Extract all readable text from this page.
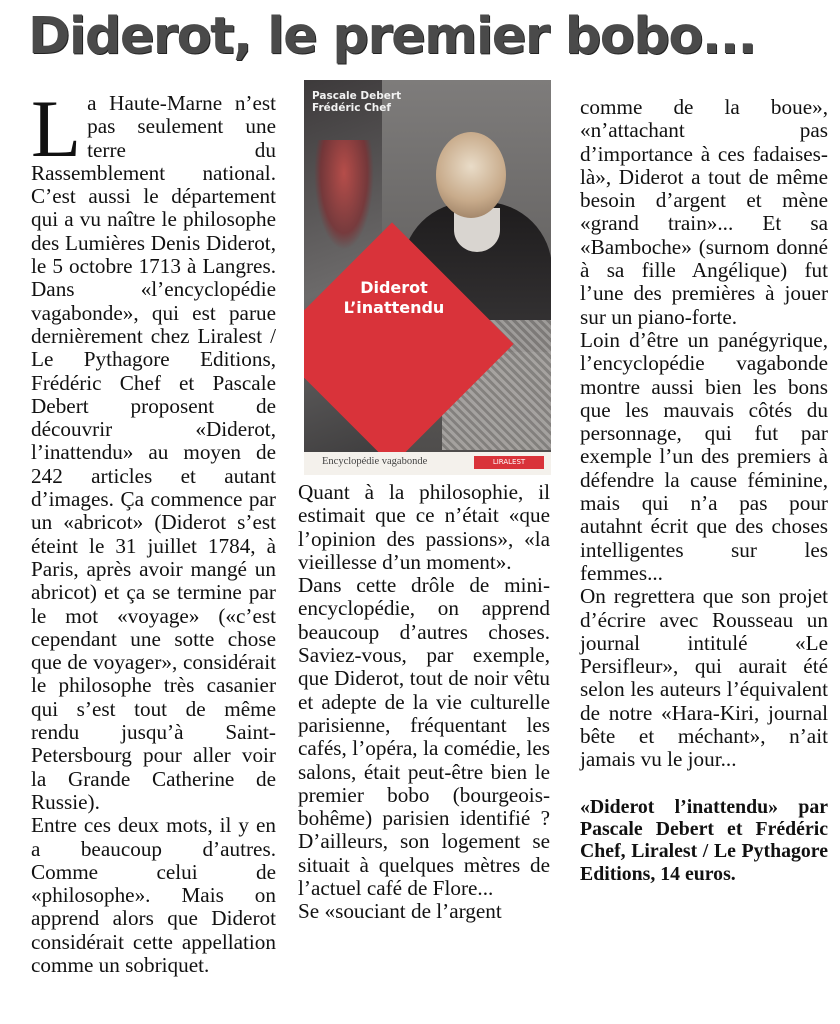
Diderot, le premier bobo...

La Haute-Marne n’est pas seulement une terre du Rassemblement national. C’est aussi le département qui a vu naître le philosophe des Lumières Denis Diderot, le 5 octobre 1713 à Langres. Dans «l’encyclopédie vagabonde», qui est parue dernièrement chez Liralest / Le Pythagore Editions, Frédéric Chef et Pascale Debert proposent de découvrir «Diderot, l’inattendu» au moyen de 242 articles et autant d’images. Ça commence par un «abricot» (Diderot s’est éteint le 31 juillet 1784, à Paris, après avoir mangé un abricot) et ça se termine par le mot «voyage» («c’est cependant une sotte chose que de voyager», considérait le philosophe très casanier qui s’est tout de même rendu jusqu’à Saint-Petersbourg pour aller voir la Grande Catherine de Russie).

Entre ces deux mots, il y en a beaucoup d’autres. Comme celui de «philosophe». Mais on apprend alors que Diderot considérait cette appellation comme un sobriquet.

Pascale Debert
Frédéric Chef
Diderot
L’inattendu
Encyclopédie vagabonde	LIRALEST

Quant à la philosophie, il estimait que ce n’était «que l’opinion des passions», «la vieillesse d’un moment».

Dans cette drôle de mini-encyclopédie, on apprend beaucoup d’autres choses. Saviez-vous, par exemple, que Diderot, tout de noir vêtu et adepte de la vie culturelle parisienne, fréquentant les cafés, l’opéra, la comédie, les salons, était peut-être bien le premier bobo (bourgeois-bohême) parisien identifié ? D’ailleurs, son logement se situait à quelques mètres de l’actuel café de Flore...

Se «souciant de l’argent

comme de la boue», «n’attachant pas d’importance à ces fadaises-là», Diderot a tout de même besoin d’argent et mène «grand train»... Et sa «Bamboche» (surnom donné à sa fille Angélique) fut l’une des premières à jouer sur un piano-forte.

Loin d’être un panégyrique, l’encyclopédie vagabonde montre aussi bien les bons que les mauvais côtés du personnage, qui fut par exemple l’un des premiers à défendre la cause féminine, mais qui n’a pas pour autahnt écrit que des choses intelligentes sur les femmes...

On regrettera que son projet d’écrire avec Rousseau un journal intitulé «Le Persifleur», qui aurait été selon les auteurs l’équivalent de notre «Hara-Kiri, journal bête et méchant», n’ait jamais vu le jour...

«Diderot l’inattendu» par Pascale Debert et Frédéric Chef, Liralest / Le Pythagore Editions, 14 euros.
